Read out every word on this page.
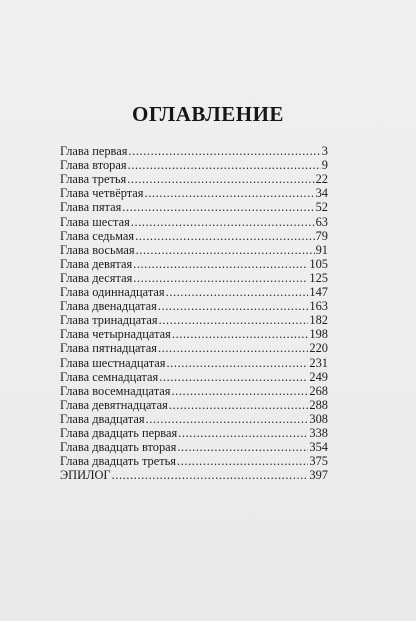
ОГЛАВЛЕНИЕ
Глава первая .....	3
Глава вторая .....	9
Глава третья .....	22
Глава четвёртая .....	34
Глава пятая .....	52
Глава шестая .....	63
Глава седьмая .....	79
Глава восьмая .....	91
Глава девятая .....	105
Глава десятая .....	125
Глава одиннадцатая .....	147
Глава двенадцатая .....	163
Глава тринадцатая .....	182
Глава четырнадцатая .....	198
Глава пятнадцатая .....	220
Глава шестнадцатая .....	231
Глава семнадцатая .....	249
Глава восемнадцатая .....	268
Глава девятнадцатая .....	288
Глава двадцатая .....	308
Глава двадцать первая .....	338
Глава двадцать вторая .....	354
Глава двадцать третья .....	375
ЭПИЛОГ .....	397
